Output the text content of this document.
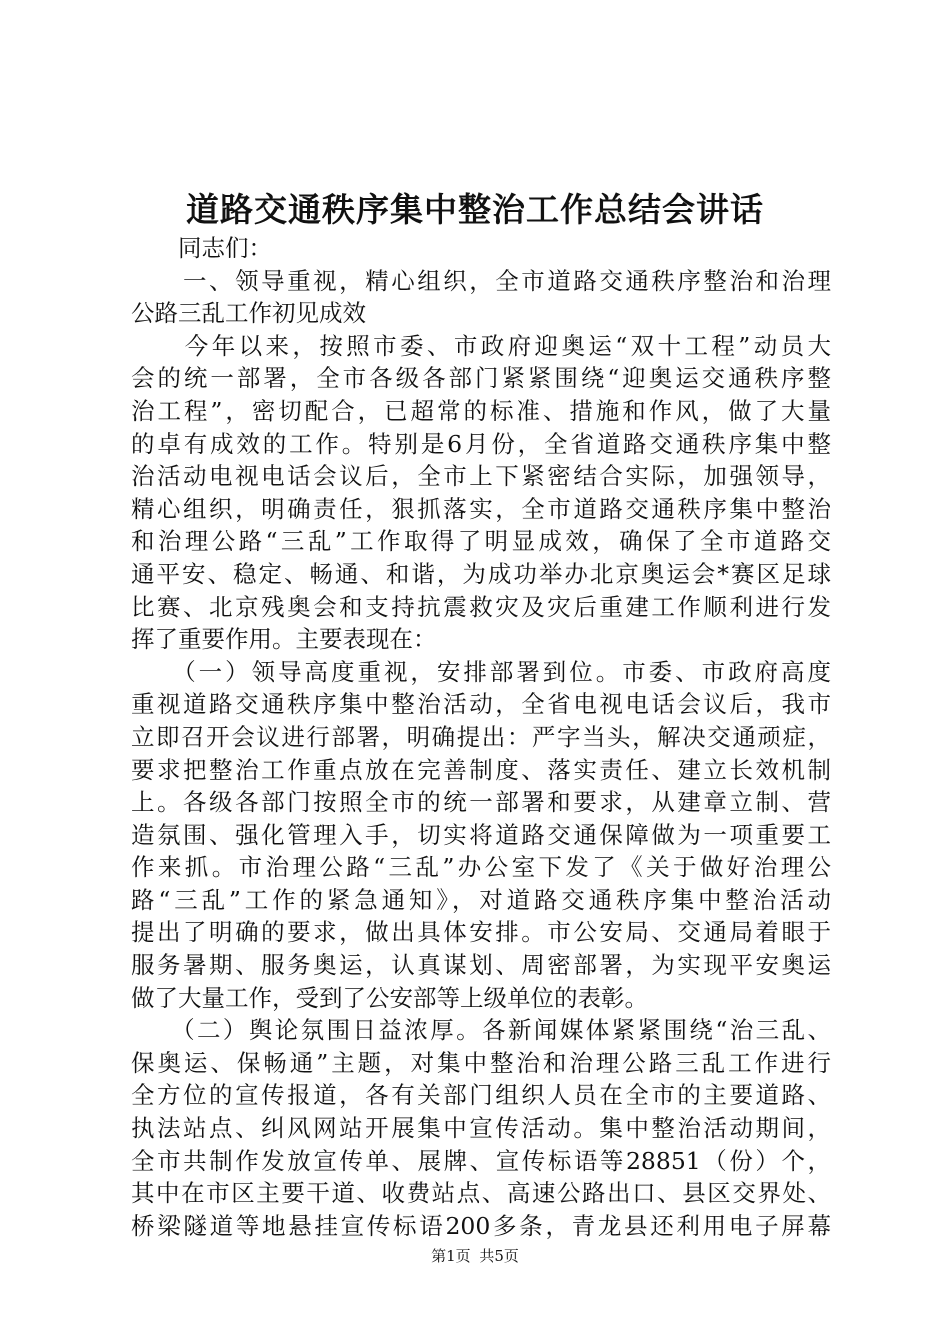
道路交通秩序集中整治工作总结会讲话
　　同志们：
　　一、领导重视，精心组织，全市道路交通秩序整治和治理
公路三乱工作初见成效
　　今年以来，按照市委、市政府迎奥运“双十工程”动员大
会的统一部署，全市各级各部门紧紧围绕“迎奥运交通秩序整
治工程”，密切配合，已超常的标准、措施和作风，做了大量
的卓有成效的工作。特别是6月份，全省道路交通秩序集中整
治活动电视电话会议后，全市上下紧密结合实际，加强领导，
精心组织，明确责任，狠抓落实，全市道路交通秩序集中整治
和治理公路“三乱”工作取得了明显成效，确保了全市道路交
通平安、稳定、畅通、和谐，为成功举办北京奥运会*赛区足球
比赛、北京残奥会和支持抗震救灾及灾后重建工作顺利进行发
挥了重要作用。主要表现在：
　　（一）领导高度重视，安排部署到位。市委、市政府高度
重视道路交通秩序集中整治活动，全省电视电话会议后，我市
立即召开会议进行部署，明确提出：严字当头，解决交通顽症，
要求把整治工作重点放在完善制度、落实责任、建立长效机制
上。各级各部门按照全市的统一部署和要求，从建章立制、营
造氛围、强化管理入手，切实将道路交通保障做为一项重要工
作来抓。市治理公路“三乱”办公室下发了《关于做好治理公
路“三乱”工作的紧急通知》，对道路交通秩序集中整治活动
提出了明确的要求，做出具体安排。市公安局、交通局着眼于
服务暑期、服务奥运，认真谋划、周密部署，为实现平安奥运
做了大量工作，受到了公安部等上级单位的表彰。
　　（二）舆论氛围日益浓厚。各新闻媒体紧紧围绕“治三乱、
保奥运、保畅通”主题，对集中整治和治理公路三乱工作进行
全方位的宣传报道，各有关部门组织人员在全市的主要道路、
执法站点、纠风网站开展集中宣传活动。集中整治活动期间，
全市共制作发放宣传单、展牌、宣传标语等28851（份）个，
其中在市区主要干道、收费站点、高速公路出口、县区交界处、
桥梁隧道等地悬挂宣传标语200多条，青龙县还利用电子屏幕
第1页 共5页
